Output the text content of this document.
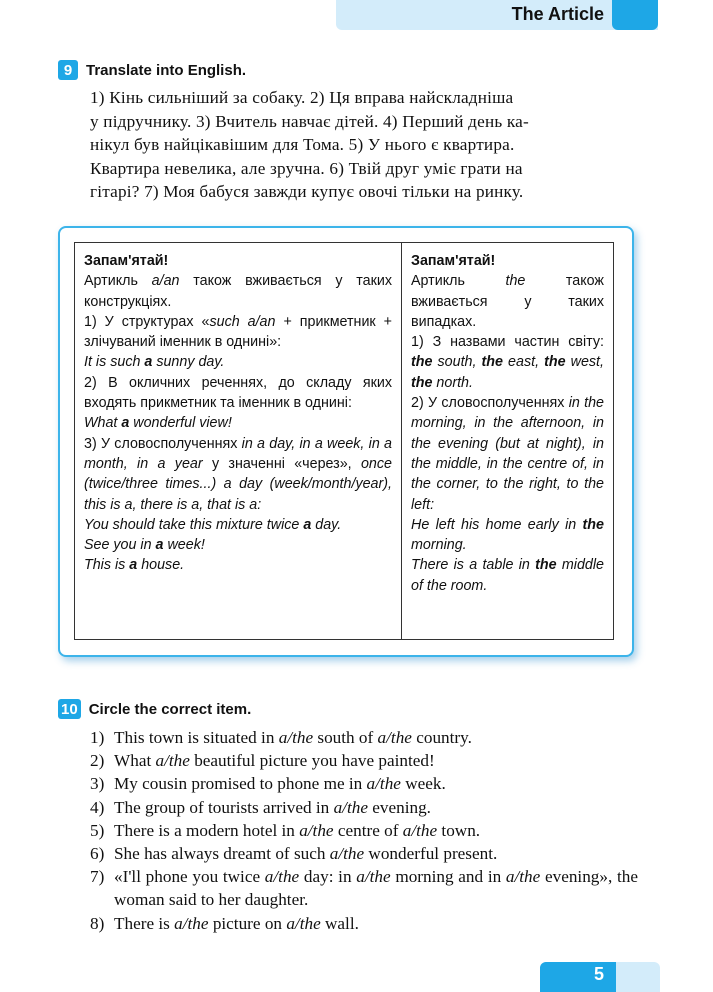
The Article
9 Translate into English.

1) Кінь сильніший за собаку. 2) Ця вправа найскладніша

у підручнику. 3) Вчитель навчає дітей. 4) Перший день ка-

нікул був найцікавішим для Тома. 5) У нього є квартира.

Квартира невелика, але зручна. 6) Твій друг уміє грати на

гітарі? 7) Моя бабуся завжди купує овочі тільки на ринку.

Запам'ятай!
Артикль a/an також вживається у таких конструкціях.
1) У структурах «such a/an + прикметник + злічуваний іменник в однині»:
It is such a sunny day.
2) В окличних реченнях, до складу яких входять прикметник та іменник в однині:
What a wonderful view!
3) У словосполученнях in a day, in a week, in a month, in a year у значенні «через», once (twice/three times...) a day (week/month/year), this is a, there is a, that is a:
You should take this mixture twice a day.
See you in a week!
This is a house.
Запам'ятай!
Артикль the також вживається у таких випадках.
1) З назвами частин світу: the south, the east, the west, the north.
2) У словосполученнях in the morning, in the afternoon, in the evening (but at night), in the middle, in the centre of, in the corner, to the right, to the left:
He left his home early in the morning.
There is a table in the middle of the room.
10 Circle the correct item.
1) This town is situated in a/the south of a/the country.
2) What a/the beautiful picture you have painted!
3) My cousin promised to phone me in a/the week.
4) The group of tourists arrived in a/the evening.
5) There is a modern hotel in a/the centre of a/the town.
6) She has always dreamt of such a/the wonderful present.
7) «I'll phone you twice a/the day: in a/the morning and in a/the evening», the woman said to her daughter.
8) There is a/the picture on a/the wall.
5
